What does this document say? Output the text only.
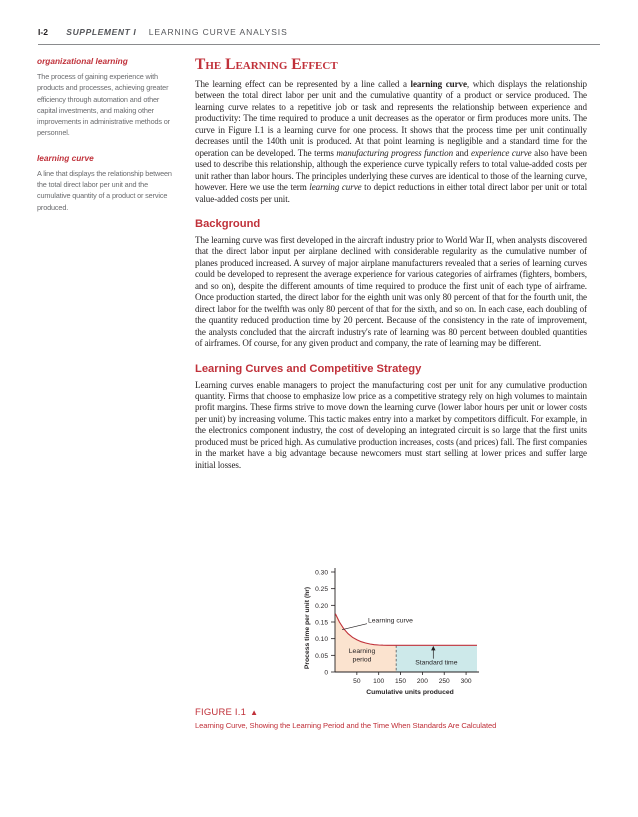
I-2 SUPPLEMENT I LEARNING CURVE ANALYSIS
organizational learning
The process of gaining experience with products and processes, achieving greater efficiency through automation and other capital investments, and making other improvements in administrative methods or personnel.
learning curve
A line that displays the relationship between the total direct labor per unit and the cumulative quantity of a product or service produced.
The Learning Effect

The learning effect can be represented by a line called a learning curve, which displays the relationship between the total direct labor per unit and the cumulative quantity of a product or service produced. The learning curve relates to a repetitive job or task and represents the relationship between experience and productivity: The time required to produce a unit decreases as the operator or firm produces more units. The curve in Figure I.1 is a learning curve for one process. It shows that the process time per unit continually decreases until the 140th unit is produced. At that point learning is negligible and a standard time for the operation can be developed. The terms manufacturing progress function and experience curve also have been used to describe this relationship, although the experience curve typically refers to total value-added costs per unit rather than labor hours. The principles underlying these curves are identical to those of the learning curve, however. Here we use the term learning curve to depict reductions in either total direct labor per unit or total value-added costs per unit.

Background

The learning curve was first developed in the aircraft industry prior to World War II, when analysts discovered that the direct labor input per airplane declined with considerable regularity as the cumulative number of planes produced increased. A survey of major airplane manufacturers revealed that a series of learning curves could be developed to represent the average experience for various categories of airframes (fighters, bombers, and so on), despite the different amounts of time required to produce the first unit of each type of airframe. Once production started, the direct labor for the eighth unit was only 80 percent of that for the fourth unit, the direct labor for the twelfth was only 80 percent of that for the sixth, and so on. In each case, each doubling of the quantity reduced production time by 20 percent. Because of the consistency in the rate of improvement, the analysts concluded that the aircraft industry's rate of learning was 80 percent between doubled quantities of airframes. Of course, for any given product and company, the rate of learning may be different.

Learning Curves and Competitive Strategy

Learning curves enable managers to project the manufacturing cost per unit for any cumulative production quantity. Firms that choose to emphasize low price as a competitive strategy rely on high volumes to maintain profit margins. These firms strive to move down the learning curve (lower labor hours per unit or lower costs per unit) by increasing volume. This tactic makes entry into a market by competitors difficult. For example, in the electronics component industry, the cost of developing an integrated circuit is so large that the first units produced must be priced high. As cumulative production increases, costs (and prices) fall. The first companies in the market have a big advantage because newcomers must start selling at lower prices and suffer large initial losses.

0
0.05
0.10
0.15
0.20
0.25
0.30
50 100 150 200 250 300
Cumulative units produced
Process time per unit (hr)	Learning curve
Learning
period	Standard time
FIGURE I.1 ▲
Learning Curve, Showing the Learning Period and the Time When Standards Are Calculated
